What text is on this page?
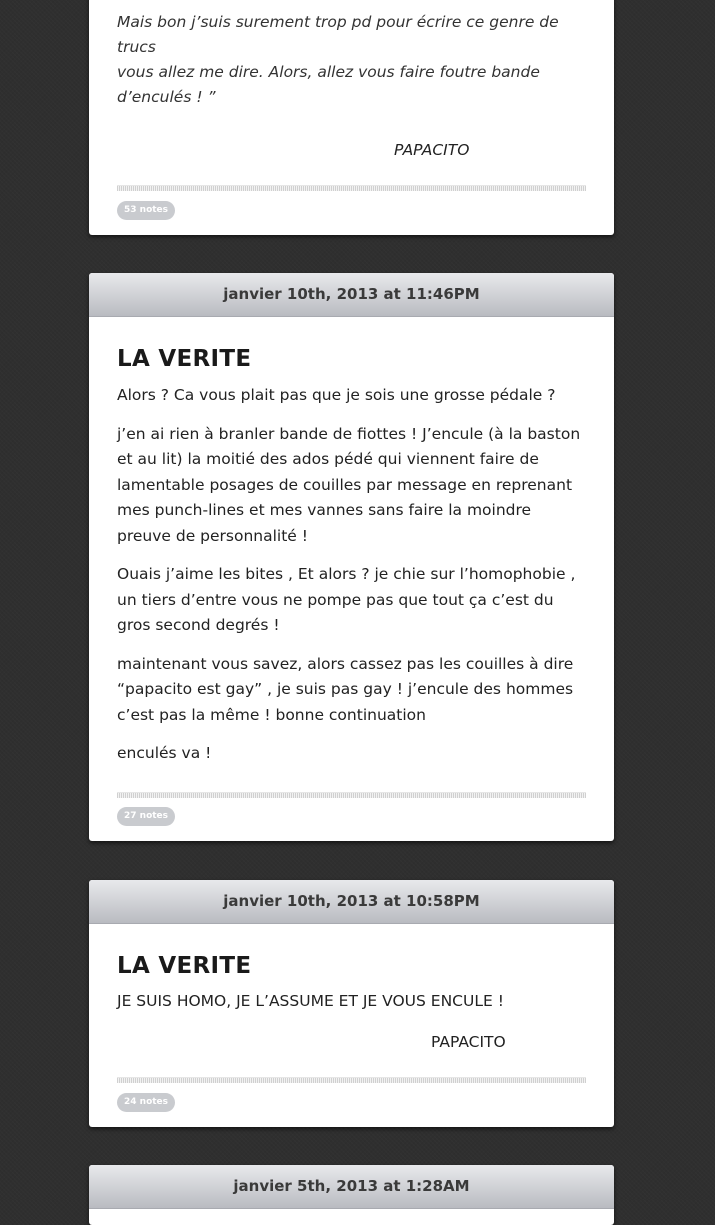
Mais bon j’suis surement trop pd pour écrire ce genre de trucs

vous allez me dire. Alors, allez vous faire foutre bande

d’enculés ! ”

PAPACITO
53 notes
janvier 10th, 2013 at 11:46PM
LA VERITE

Alors ? Ca vous plait pas que je sois une grosse pédale ?

j’en ai rien à branler bande de fiottes ! J’encule (à la baston et au lit) la moitié des ados pédé qui viennent faire de lamentable posages de couilles par message en reprenant mes punch-lines et mes vannes sans faire la moindre preuve de personnalité !

Ouais j’aime les bites , Et alors ? je chie sur l’homophobie , un tiers d’entre vous ne pompe pas que tout ça c’est du gros second degrés !

maintenant vous savez, alors cassez pas les couilles à dire “papacito est gay” , je suis pas gay ! j’encule des hommes c’est pas la même ! bonne continuation

enculés va !

27 notes
janvier 10th, 2013 at 10:58PM
LA VERITE

JE SUIS HOMO, JE L’ASSUME ET JE VOUS ENCULE !

PAPACITO
24 notes
janvier 5th, 2013 at 1:28AM
